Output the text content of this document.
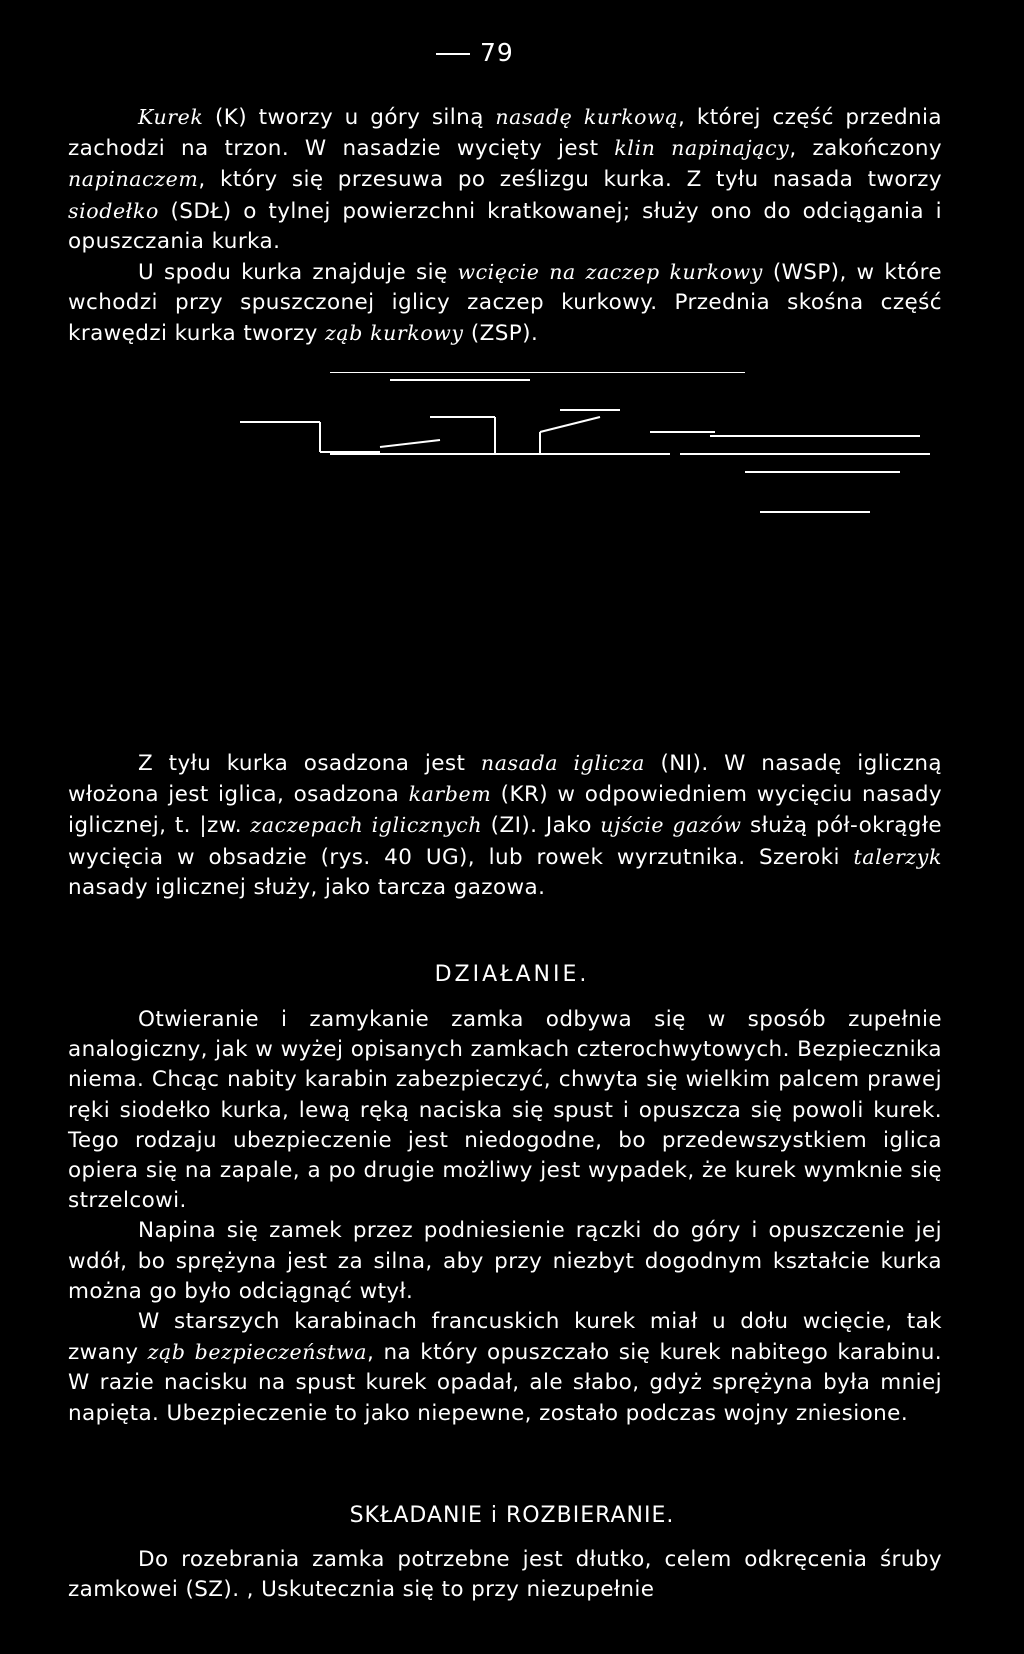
79

Kurek (K) tworzy u góry silną nasadę kurkową, której część przednia zachodzi na trzon. W nasadzie wycięty jest klin napinający, zakończony napinaczem, który się przesuwa po ześlizgu kurka. Z tyłu nasada tworzy siodełko (SDŁ) o tylnej powierzchni kratkowanej; służy ono do odciągania i opuszczania kurka.

U spodu kurka znajduje się wcięcie na zaczep kurkowy (WSP), w które wchodzi przy spuszczonej iglicy zaczep kurkowy. Przednia skośna część krawędzi kurka tworzy ząb kurkowy (ZSP).

Z tyłu kurka osadzona jest nasada iglicza (NI). W nasadę igliczną włożona jest iglica, osadzona karbem (KR) w odpowiedniem wycięciu nasady iglicznej, t. |zw. zaczepach iglicznych (ZI). Jako ujście gazów służą pół-okrągłe wycięcia w obsadzie (rys. 40 UG), lub rowek wyrzutnika. Szeroki talerzyk nasady iglicznej służy, jako tarcza gazowa.

DZIAŁANIE.

Otwieranie i zamykanie zamka odbywa się w sposób zupełnie analogiczny, jak w wyżej opisanych zamkach czterochwytowych. Bezpiecznika niema. Chcąc nabity karabin zabezpieczyć, chwyta się wielkim palcem prawej ręki siodełko kurka, lewą ręką naciska się spust i opuszcza się powoli kurek. Tego rodzaju ubezpieczenie jest niedogodne, bo przedewszystkiem iglica opiera się na zapale, a po drugie możliwy jest wypadek, że kurek wymknie się strzelcowi.

Napina się zamek przez podniesienie rączki do góry i opuszczenie jej wdół, bo sprężyna jest za silna, aby przy niezbyt dogodnym kształcie kurka można go było odciągnąć wtył.

W starszych karabinach francuskich kurek miał u dołu wcięcie, tak zwany ząb bezpieczeństwa, na który opuszczało się kurek nabitego karabinu. W razie nacisku na spust kurek opadał, ale słabo, gdyż sprężyna była mniej napięta. Ubezpieczenie to jako niepewne, zostało podczas wojny zniesione.

SKŁADANIE i ROZBIERANIE.

Do rozebrania zamka potrzebne jest dłutko, celem odkręcenia śruby zamkowei (SZ). , Uskutecznia się to przy niezupełnie
